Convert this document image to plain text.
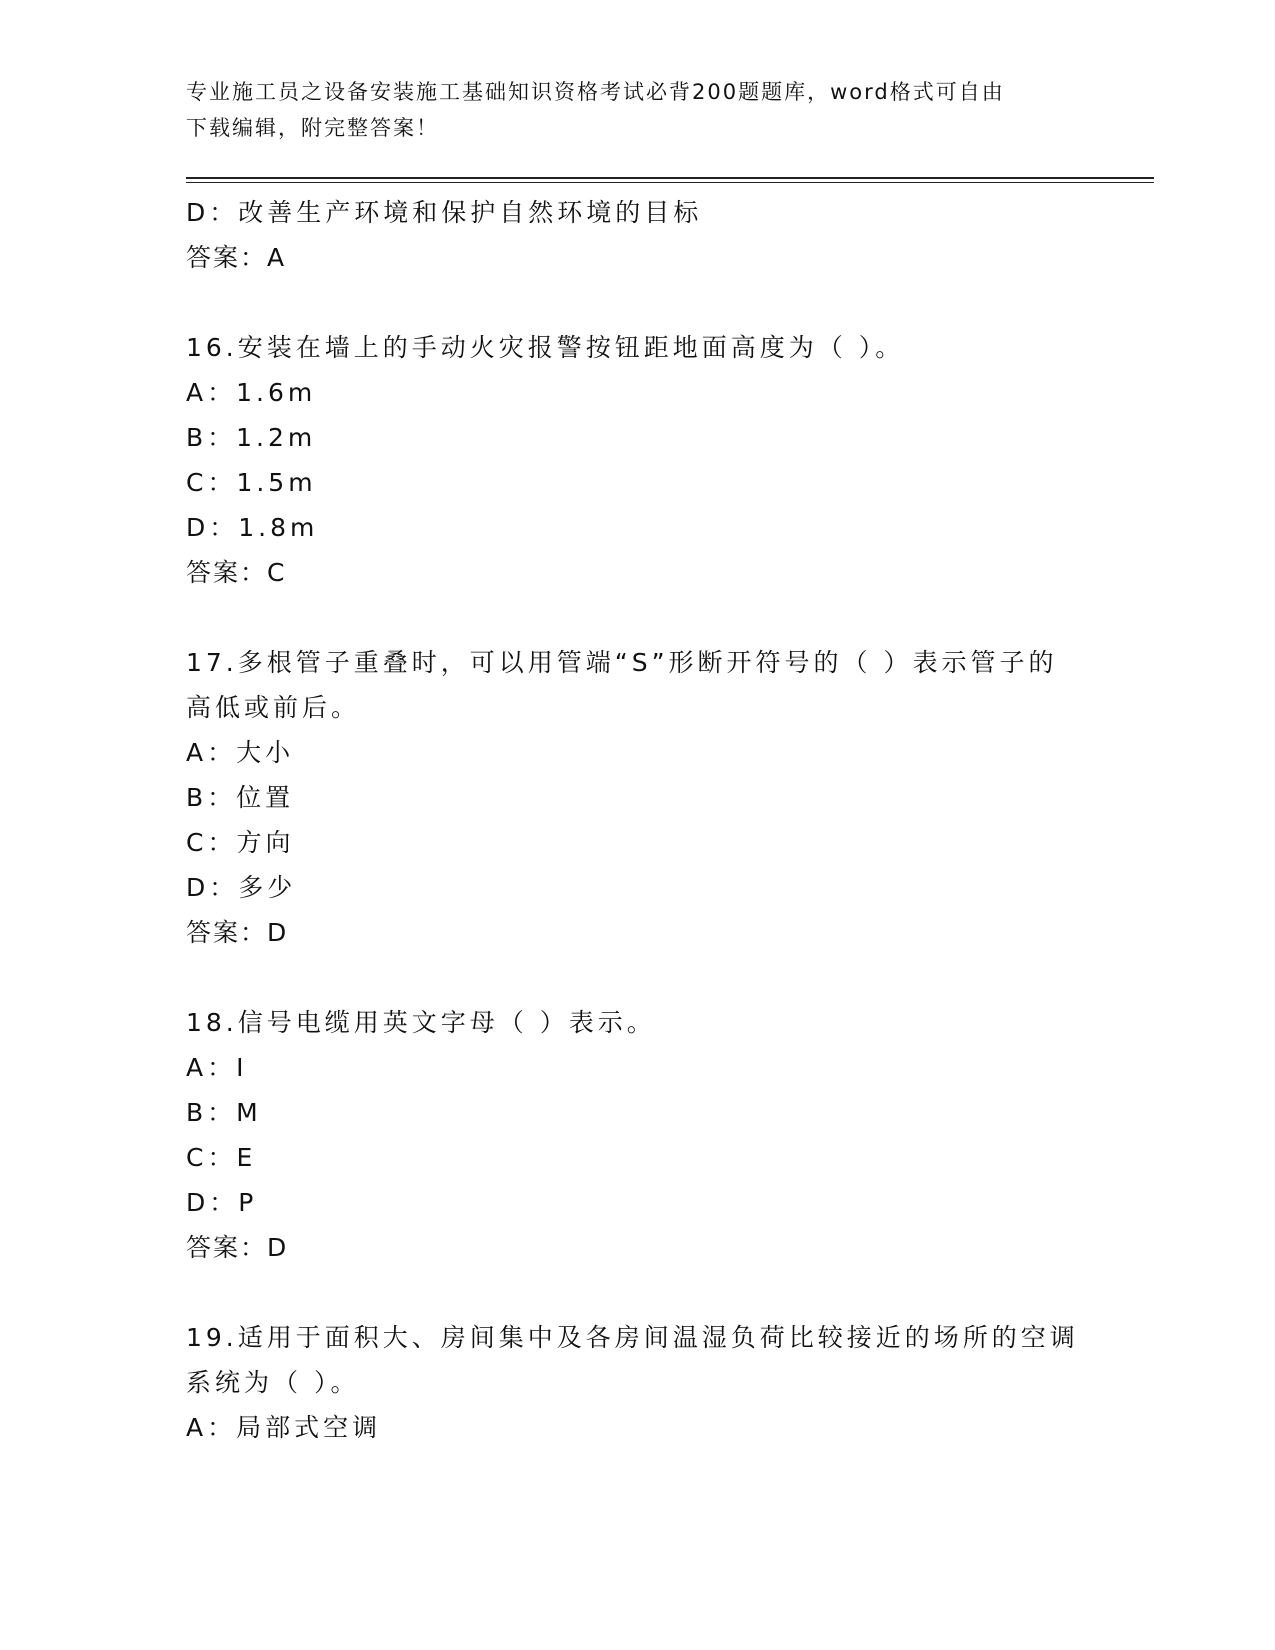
专业施工员之设备安装施工基础知识资格考试必背200题题库，word格式可自由
下载编辑，附完整答案！
D：改善生产环境和保护自然环境的目标
答案：A
16.安装在墙上的手动火灾报警按钮距地面高度为（ ）。
A：1.6m
B：1.2m
C：1.5m
D：1.8m
答案：C
17.多根管子重叠时，可以用管端“S”形断开符号的（ ）表示管子的
高低或前后。
A：大小
B：位置
C：方向
D：多少
答案：D
18.信号电缆用英文字母（ ）表示。
A：I
B：M
C：E
D：P
答案：D
19.适用于面积大、房间集中及各房间温湿负荷比较接近的场所的空调
系统为（ ）。
A：局部式空调
